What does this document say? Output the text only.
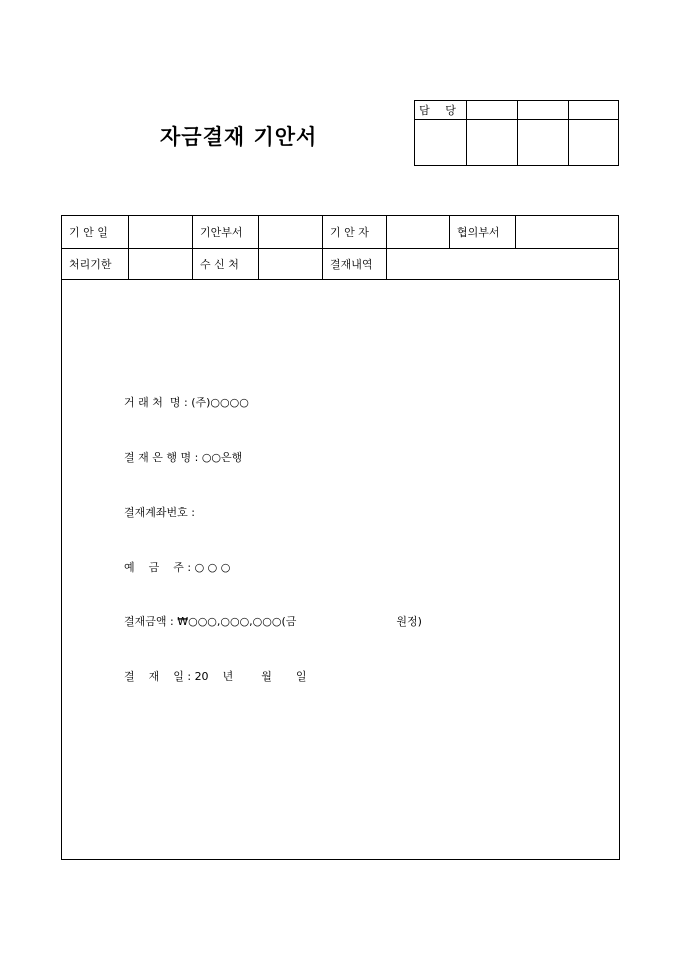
자금결재 기안서
담 당			

기 안 일		기안부서		기 안 자		협의부서	
처리기한		수 신 처		결재내역			

거 래 처  명 : (주)○○○○

결 재 은 행 명 : ○○은행

결재계좌번호 :

예    금    주 : ○ ○ ○

결재금액 : ₩○○○,○○○,○○○(금	원정)

결    재    일 : 20 년	월 일
